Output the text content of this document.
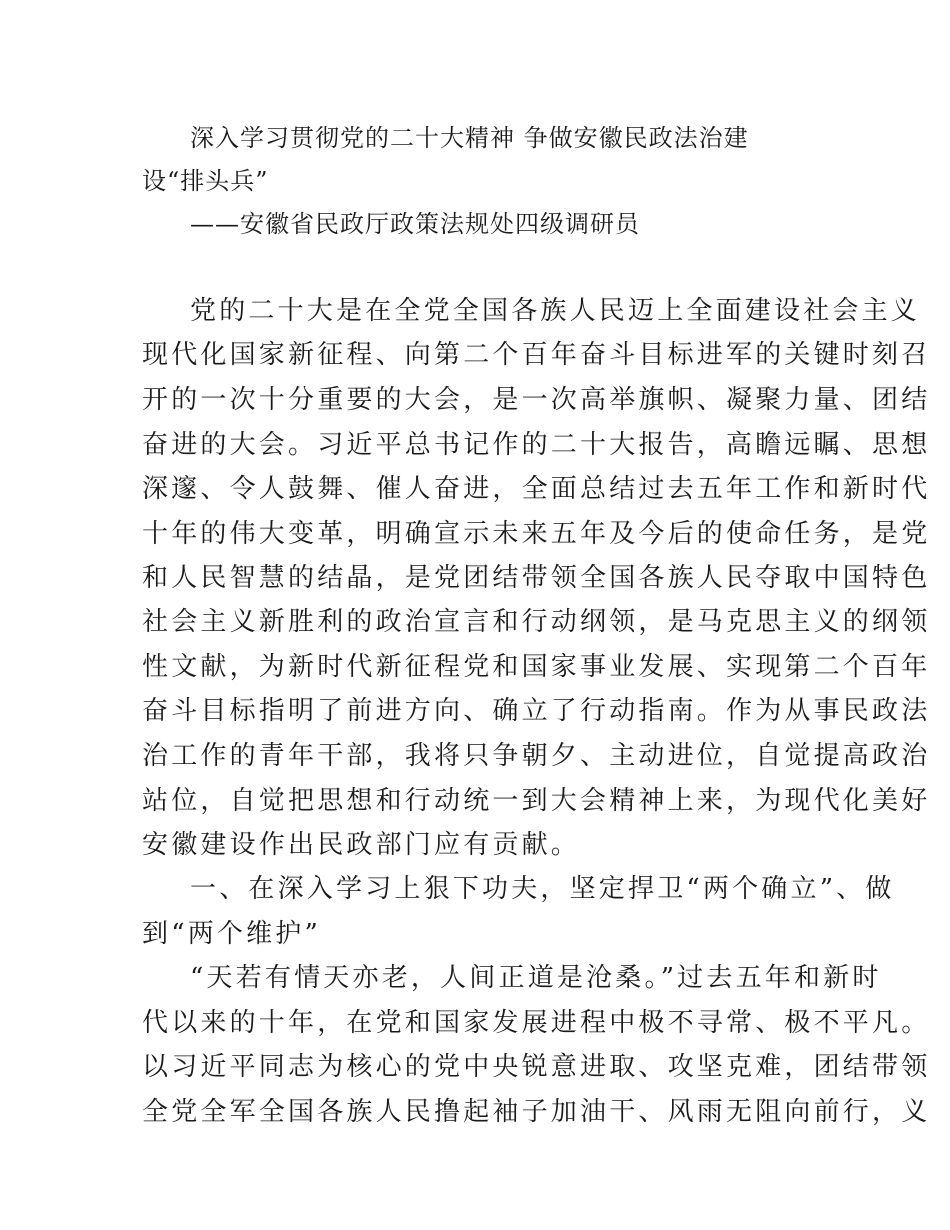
深入学习贯彻党的二十大精神 争做安徽民政法治建

设“排头兵”

——安徽省民政厅政策法规处四级调研员

党的二十大是在全党全国各族人民迈上全面建设社会主义

现代化国家新征程、向第二个百年奋斗目标进军的关键时刻召

开的一次十分重要的大会，是一次高举旗帜、凝聚力量、团结

奋进的大会。习近平总书记作的二十大报告，高瞻远瞩、思想

深邃、令人鼓舞、催人奋进，全面总结过去五年工作和新时代

十年的伟大变革，明确宣示未来五年及今后的使命任务，是党

和人民智慧的结晶，是党团结带领全国各族人民夺取中国特色

社会主义新胜利的政治宣言和行动纲领，是马克思主义的纲领

性文献，为新时代新征程党和国家事业发展、实现第二个百年

奋斗目标指明了前进方向、确立了行动指南。作为从事民政法

治工作的青年干部，我将只争朝夕、主动进位，自觉提高政治

站位，自觉把思想和行动统一到大会精神上来，为现代化美好

安徽建设作出民政部门应有贡献。

一、在深入学习上狠下功夫，坚定捍卫“两个确立”、做

到“两个维护”

“天若有情天亦老，人间正道是沧桑。”过去五年和新时

代以来的十年，在党和国家发展进程中极不寻常、极不平凡。

以习近平同志为核心的党中央锐意进取、攻坚克难，团结带领

全党全军全国各族人民撸起袖子加油干、风雨无阻向前行，义
